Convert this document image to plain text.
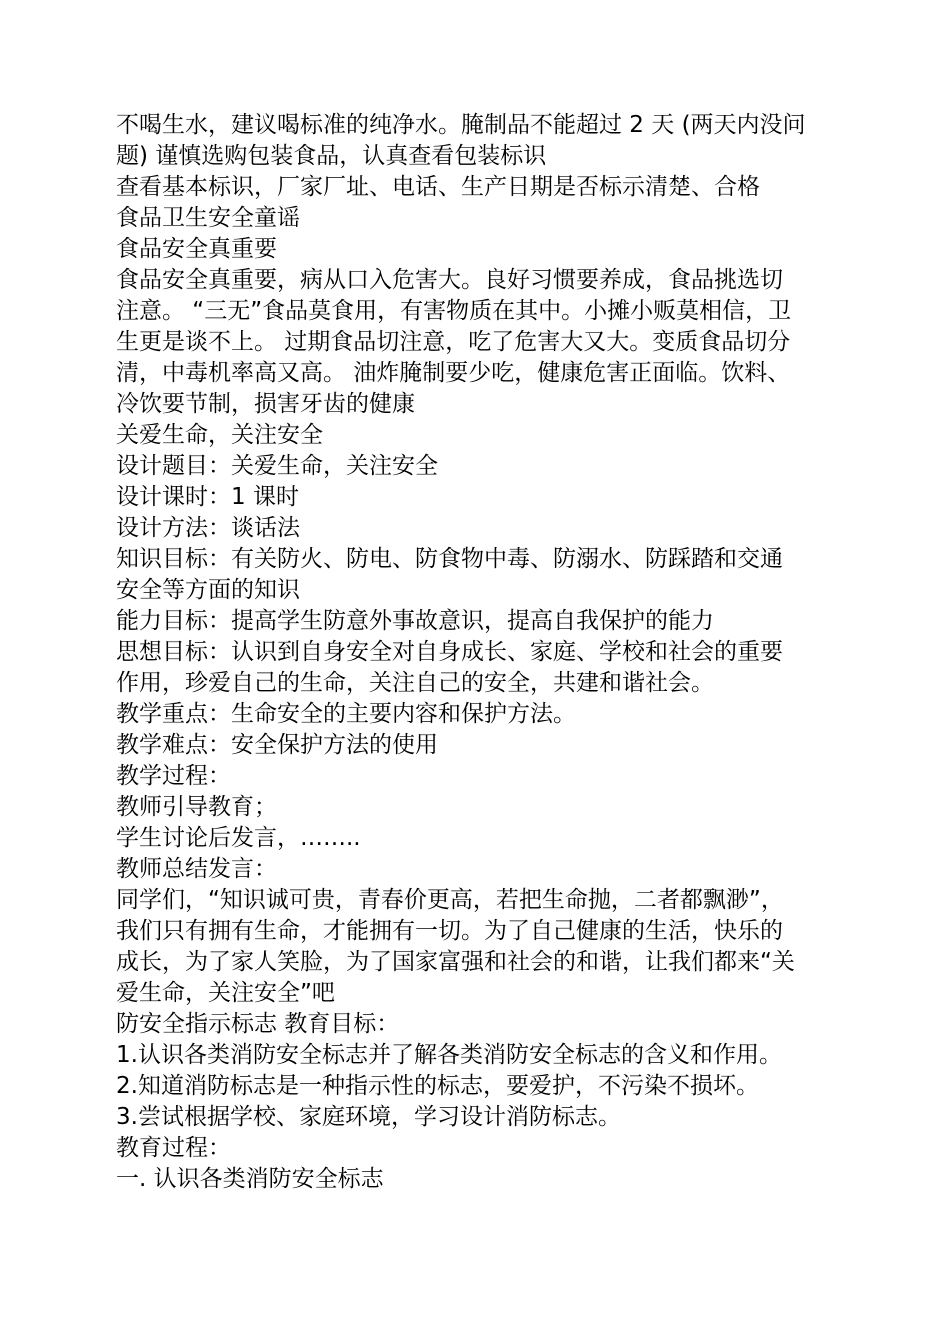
不喝生水，建议喝标准的纯净水。腌制品不能超过 2 天 (两天内没问
题) 谨慎选购包装食品，认真查看包装标识
查看基本标识，厂家厂址、电话、生产日期是否标示清楚、合格
食品卫生安全童谣
食品安全真重要
食品安全真重要，病从口入危害大。良好习惯要养成，食品挑选切
注意。 “三无”食品莫食用，有害物质在其中。小摊小贩莫相信，卫
生更是谈不上。 过期食品切注意，吃了危害大又大。变质食品切分
清，中毒机率高又高。 油炸腌制要少吃，健康危害正面临。饮料、
冷饮要节制，损害牙齿的健康
关爱生命，关注安全
设计题目：关爱生命，关注安全
设计课时：1 课时
设计方法：谈话法
知识目标：有关防火、防电、防食物中毒、防溺水、防踩踏和交通
安全等方面的知识
能力目标：提高学生防意外事故意识，提高自我保护的能力
思想目标：认识到自身安全对自身成长、家庭、学校和社会的重要
作用，珍爱自己的生命，关注自己的安全，共建和谐社会。
教学重点：生命安全的主要内容和保护方法。
教学难点：安全保护方法的使用
教学过程：
教师引导教育；
学生讨论后发言，……..
教师总结发言：
同学们，“知识诚可贵，青春价更高，若把生命抛，二者都飘渺”，
我们只有拥有生命，才能拥有一切。为了自己健康的生活，快乐的
成长，为了家人笑脸，为了国家富强和社会的和谐，让我们都来“关
爱生命，关注安全”吧
防安全指示标志 教育目标：
1.认识各类消防安全标志并了解各类消防安全标志的含义和作用。
2.知道消防标志是一种指示性的标志，要爱护，不污染不损坏。
3.尝试根据学校、家庭环境，学习设计消防标志。
教育过程：
一. 认识各类消防安全标志
